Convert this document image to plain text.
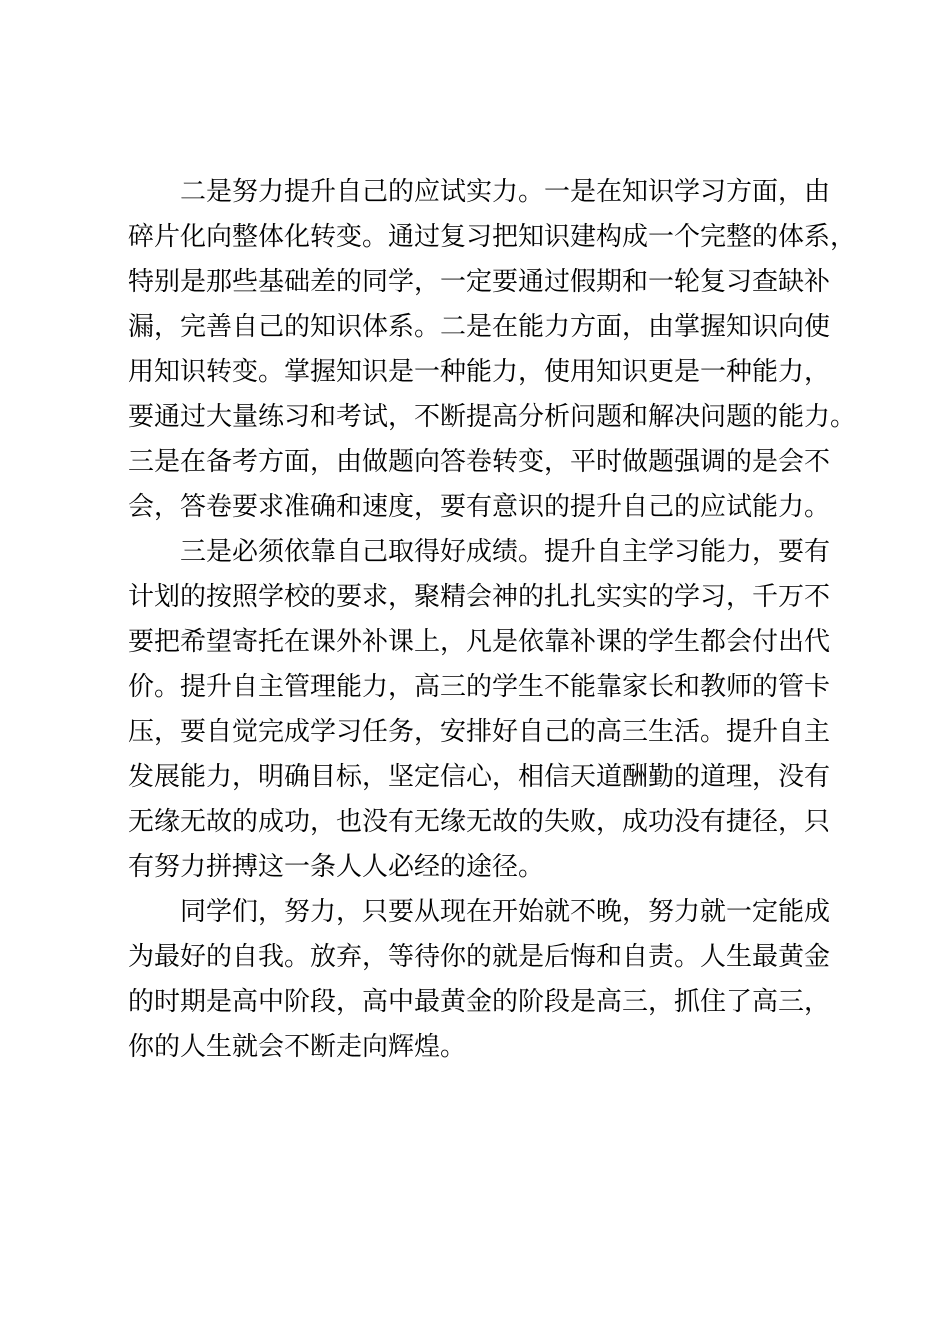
　　二是努力提升自己的应试实力。一是在知识学习方面，由
碎片化向整体化转变。通过复习把知识建构成一个完整的体系，
特别是那些基础差的同学，一定要通过假期和一轮复习查缺补
漏，完善自己的知识体系。二是在能力方面，由掌握知识向使
用知识转变。掌握知识是一种能力，使用知识更是一种能力，
要通过大量练习和考试，不断提高分析问题和解决问题的能力。
三是在备考方面，由做题向答卷转变，平时做题强调的是会不
会，答卷要求准确和速度，要有意识的提升自己的应试能力。
　　三是必须依靠自己取得好成绩。提升自主学习能力，要有
计划的按照学校的要求，聚精会神的扎扎实实的学习，千万不
要把希望寄托在课外补课上，凡是依靠补课的学生都会付出代
价。提升自主管理能力，高三的学生不能靠家长和教师的管卡
压，要自觉完成学习任务，安排好自己的高三生活。提升自主
发展能力，明确目标，坚定信心，相信天道酬勤的道理，没有
无缘无故的成功，也没有无缘无故的失败，成功没有捷径，只
有努力拼搏这一条人人必经的途径。
　　同学们，努力，只要从现在开始就不晚，努力就一定能成
为最好的自我。放弃，等待你的就是后悔和自责。人生最黄金
的时期是高中阶段，高中最黄金的阶段是高三，抓住了高三，
你的人生就会不断走向辉煌。
